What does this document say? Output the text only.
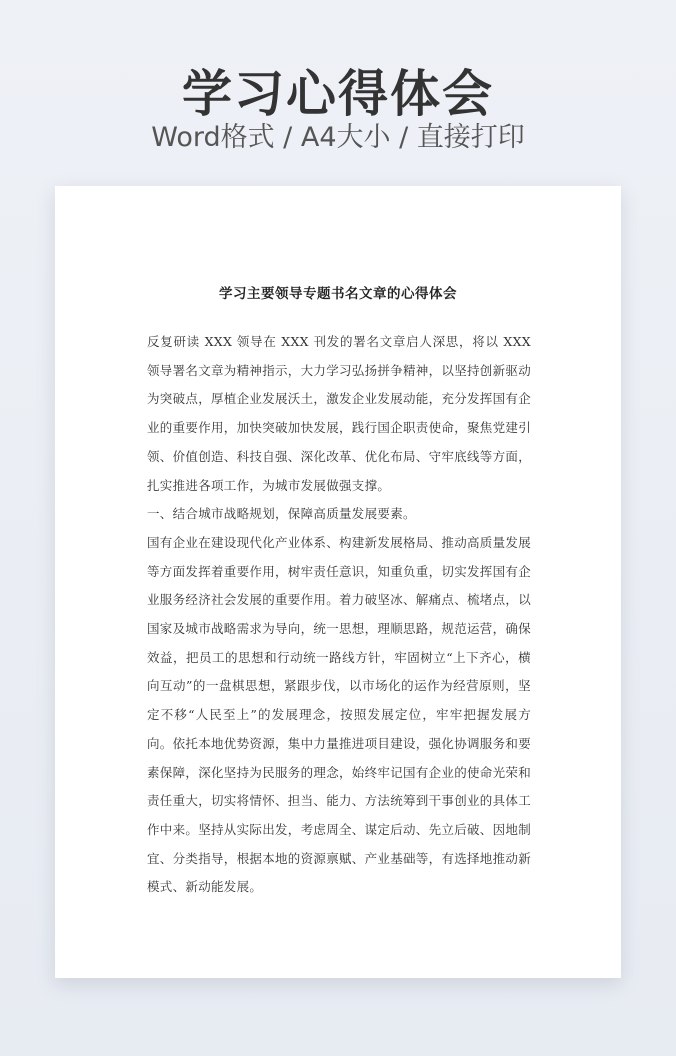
学习心得体会
Word格式 / A4大小 / 直接打印
学习主要领导专题书名文章的心得体会

反复研读 XXX 领导在 XXX 刊发的署名文章启人深思，将以 XXX 领导署名文章为精神指示，大力学习弘扬拼争精神，以坚持创新驱动为突破点，厚植企业发展沃土，激发企业发展动能，充分发挥国有企业的重要作用，加快突破加快发展，践行国企职责使命，聚焦党建引领、价值创造、科技自强、深化改革、优化布局、守牢底线等方面，扎实推进各项工作，为城市发展做强支撑。

一、结合城市战略规划，保障高质量发展要素。

国有企业在建设现代化产业体系、构建新发展格局、推动高质量发展等方面发挥着重要作用，树牢责任意识，知重负重，切实发挥国有企业服务经济社会发展的重要作用。着力破坚冰、解痛点、梳堵点，以国家及城市战略需求为导向，统一思想，理顺思路，规范运营，确保效益，把员工的思想和行动统一路线方针，牢固树立“上下齐心，横向互动”的一盘棋思想，紧跟步伐，以市场化的运作为经营原则，坚定不移“人民至上”的发展理念，按照发展定位，牢牢把握发展方向。依托本地优势资源，集中力量推进项目建设，强化协调服务和要素保障，深化坚持为民服务的理念，始终牢记国有企业的使命光荣和责任重大，切实将情怀、担当、能力、方法统筹到干事创业的具体工作中来。坚持从实际出发，考虑周全、谋定后动、先立后破、因地制宜、分类指导，根据本地的资源禀赋、产业基础等，有选择地推动新模式、新动能发展。
